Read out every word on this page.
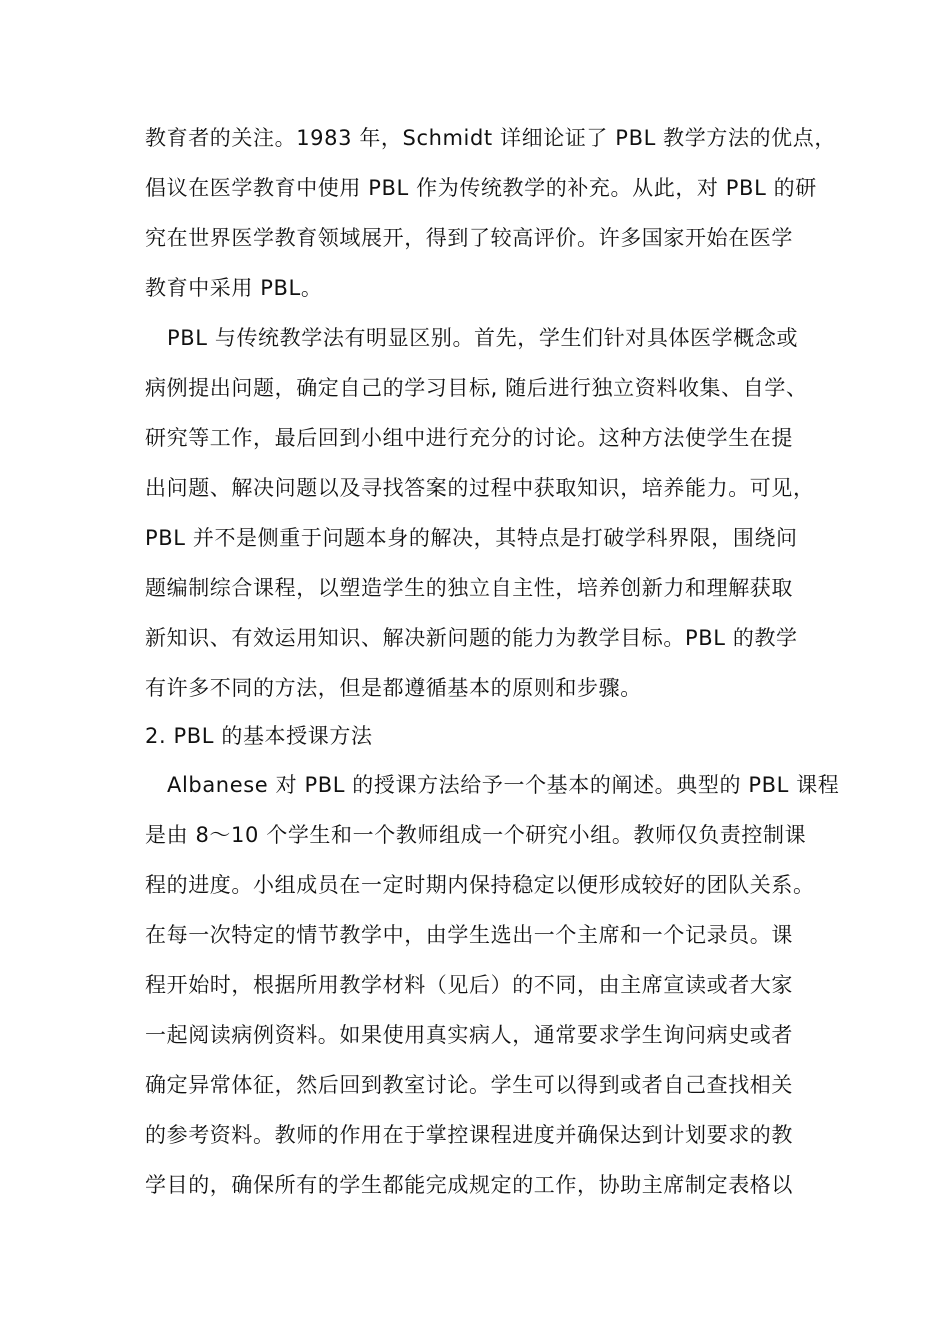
教育者的关注。1983 年，Schmidt 详细论证了 PBL 教学方法的优点，
倡议在医学教育中使用 PBL 作为传统教学的补充。从此，对 PBL 的研
究在世界医学教育领域展开，得到了较高评价。许多国家开始在医学
教育中采用 PBL。
PBL 与传统教学法有明显区别。首先，学生们针对具体医学概念或
病例提出问题，确定自己的学习目标, 随后进行独立资料收集、自学、
研究等工作，最后回到小组中进行充分的讨论。这种方法使学生在提
出问题、解决问题以及寻找答案的过程中获取知识，培养能力。可见，
PBL 并不是侧重于问题本身的解决，其特点是打破学科界限，围绕问
题编制综合课程，以塑造学生的独立自主性，培养创新力和理解获取
新知识、有效运用知识、解决新问题的能力为教学目标。PBL 的教学
有许多不同的方法，但是都遵循基本的原则和步骤。
2. PBL 的基本授课方法
Albanese 对 PBL 的授课方法给予一个基本的阐述。典型的 PBL 课程
是由 8～10 个学生和一个教师组成一个研究小组。教师仅负责控制课
程的进度。小组成员在一定时期内保持稳定以便形成较好的团队关系。
在每一次特定的情节教学中，由学生选出一个主席和一个记录员。课
程开始时，根据所用教学材料（见后）的不同，由主席宣读或者大家
一起阅读病例资料。如果使用真实病人，通常要求学生询问病史或者
确定异常体征，然后回到教室讨论。学生可以得到或者自己查找相关
的参考资料。教师的作用在于掌控课程进度并确保达到计划要求的教
学目的，确保所有的学生都能完成规定的工作，协助主席制定表格以
